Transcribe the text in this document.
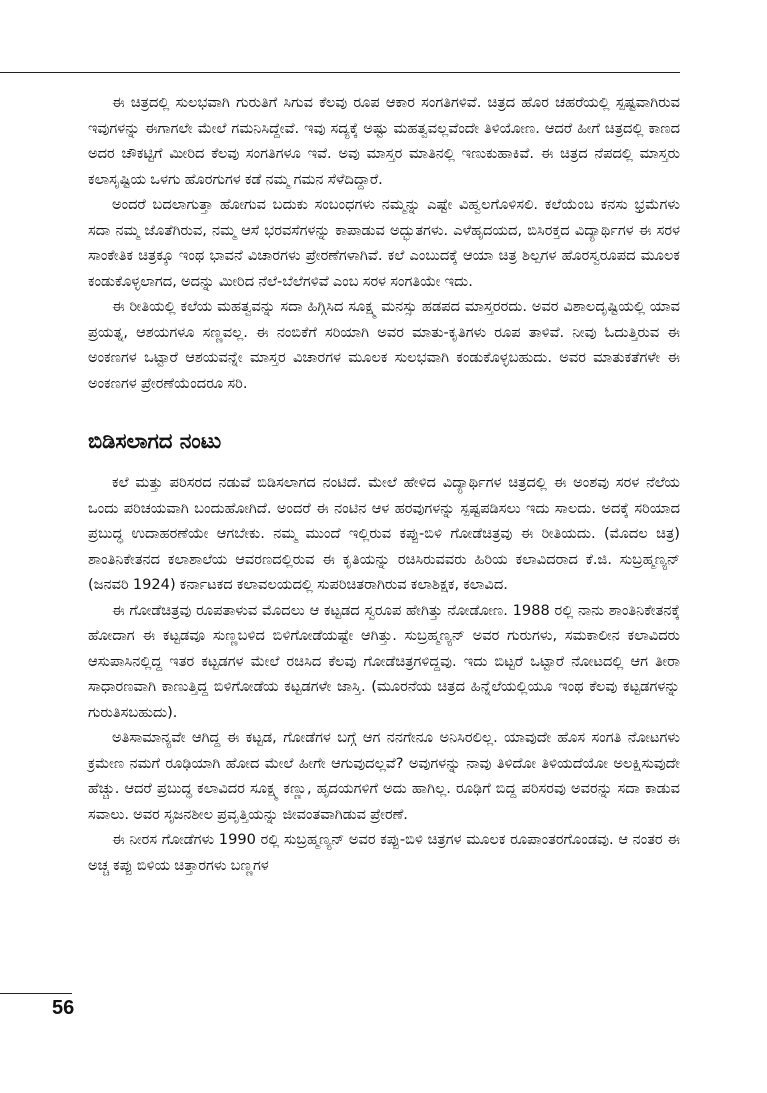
ಈ ಚಿತ್ರದಲ್ಲಿ ಸುಲಭವಾಗಿ ಗುರುತಿಗೆ ಸಿಗುವ ಕೆಲವು ರೂಪ ಆಕಾರ ಸಂಗತಿಗಳಿವೆ. ಚಿತ್ರದ ಹೊರ ಚಹರೆಯಲ್ಲಿ ಸ್ಪಷ್ಟವಾಗಿರುವ ಇವುಗಳನ್ನು ಈಗಾಗಲೇ ಮೇಲೆ ಗಮನಿಸಿದ್ದೇವೆ. ಇವು ಸದ್ಯಕ್ಕೆ ಅಷ್ಟು ಮಹತ್ವವಲ್ಲವೆಂದೇ ತಿಳಿಯೋಣ. ಆದರೆ ಹೀಗೆ ಚಿತ್ರದಲ್ಲಿ ಕಾಣದ ಅದರ ಚೌಕಟ್ಟಿಗೆ ಮೀರಿದ ಕೆಲವು ಸಂಗತಿಗಳೂ ಇವೆ. ಅವು ಮಾಸ್ತರ ಮಾತಿನಲ್ಲಿ ಇಣುಕುಹಾಕಿವೆ. ಈ ಚಿತ್ರದ ನೆಪದಲ್ಲಿ ಮಾಸ್ತರು ಕಲಾಸೃಷ್ಟಿಯ ಒಳಗು ಹೊರಗುಗಳ ಕಡೆ ನಮ್ಮ ಗಮನ ಸೆಳೆದಿದ್ದಾರೆ.

ಅಂದರೆ ಬದಲಾಗುತ್ತಾ ಹೋಗುವ ಬದುಕು ಸಂಬಂಧಗಳು ನಮ್ಮನ್ನು ಎಷ್ಟೇ ವಿಹ್ವಲಗೊಳಿಸಲಿ. ಕಲೆಯೆಂಬ ಕನಸು ಭ್ರಮೆಗಳು ಸದಾ ನಮ್ಮ ಜೊತೆಗಿರುವ, ನಮ್ಮ ಆಸೆ ಭರವಸೆಗಳನ್ನು ಕಾಪಾಡುವ ಅದ್ಭುತಗಳು. ಎಳೆಹೃದಯದ, ಬಿಸಿರಕ್ತದ ವಿದ್ಯಾರ್ಥಿಗಳ ಈ ಸರಳ ಸಾಂಕೇತಿಕ ಚಿತ್ರಕ್ಕೂ ಇಂಥ ಭಾವನೆ ವಿಚಾರಗಳು ಪ್ರೇರಣೆಗಳಾಗಿವೆ. ಕಲೆ ಎಂಬುದಕ್ಕೆ ಆಯಾ ಚಿತ್ರ ಶಿಲ್ಪಗಳ ಹೊರಸ್ವರೂಪದ ಮೂಲಕ ಕಂಡುಕೊಳ್ಳಲಾಗದ, ಅದನ್ನು ಮೀರಿದ ನೆಲೆ-ಬೆಲೆಗಳಿವೆ ಎಂಬ ಸರಳ ಸಂಗತಿಯೇ ಇದು.

ಈ ರೀತಿಯಲ್ಲಿ ಕಲೆಯ ಮಹತ್ವವನ್ನು ಸದಾ ಹಿಗ್ಗಿಸಿದ ಸೂಕ್ಷ್ಮ ಮನಸ್ಸು ಹಡಪದ ಮಾಸ್ತರರದು. ಅವರ ವಿಶಾಲದೃಷ್ಟಿಯಲ್ಲಿ ಯಾವ ಪ್ರಯತ್ನ, ಆಶಯಗಳೂ ಸಣ್ಣವಲ್ಲ. ಈ ನಂಬಿಕೆಗೆ ಸರಿಯಾಗಿ ಅವರ ಮಾತು-ಕೃತಿಗಳು ರೂಪ ತಾಳಿವೆ. ನೀವು ಓದುತ್ತಿರುವ ಈ ಅಂಕಣಗಳ ಒಟ್ಟಾರೆ ಆಶಯವನ್ನೇ ಮಾಸ್ತರ ವಿಚಾರಗಳ ಮೂಲಕ ಸುಲಭವಾಗಿ ಕಂಡುಕೊಳ್ಳಬಹುದು. ಅವರ ಮಾತುಕತೆಗಳೇ ಈ ಅಂಕಣಗಳ ಪ್ರೇರಣೆಯೆಂದರೂ ಸರಿ.

ಬಿಡಿಸಲಾಗದ ನಂಟು

ಕಲೆ ಮತ್ತು ಪರಿಸರದ ನಡುವೆ ಬಿಡಿಸಲಾಗದ ನಂಟಿದೆ. ಮೇಲೆ ಹೇಳಿದ ವಿದ್ಯಾರ್ಥಿಗಳ ಚಿತ್ರದಲ್ಲಿ ಈ ಅಂಶವು ಸರಳ ನೆಲೆಯ ಒಂದು ಪರಿಚಯವಾಗಿ ಬಂದುಹೋಗಿದೆ. ಅಂದರೆ ಈ ನಂಟಿನ ಆಳ ಹರವುಗಳನ್ನು ಸ್ಪಷ್ಟಪಡಿಸಲು ಇದು ಸಾಲದು. ಅದಕ್ಕೆ ಸರಿಯಾದ ಪ್ರಬುದ್ಧ ಉದಾಹರಣೆಯೇ ಆಗಬೇಕು. ನಮ್ಮ ಮುಂದೆ ಇಲ್ಲಿರುವ ಕಪ್ಪು-ಬಿಳಿ ಗೋಡೆಚಿತ್ರವು ಈ ರೀತಿಯದು. (ಮೊದಲ ಚಿತ್ರ) ಶಾಂತಿನಿಕೇತನದ ಕಲಾಶಾಲೆಯ ಆವರಣದಲ್ಲಿರುವ ಈ ಕೃತಿಯನ್ನು ರಚಿಸಿರುವವರು ಹಿರಿಯ ಕಲಾವಿದರಾದ ಕೆ.ಜಿ. ಸುಬ್ರಹ್ಮಣ್ಯನ್ (ಜನವರಿ 1924) ಕರ್ನಾಟಕದ ಕಲಾವಲಯದಲ್ಲಿ ಸುಪರಿಚಿತರಾಗಿರುವ ಕಲಾಶಿಕ್ಷಕ, ಕಲಾವಿದ.

ಈ ಗೋಡೆಚಿತ್ರವು ರೂಪತಾಳುವ ಮೊದಲು ಆ ಕಟ್ಟಡದ ಸ್ವರೂಪ ಹೇಗಿತ್ತು ನೋಡೋಣ. 1988 ರಲ್ಲಿ ನಾನು ಶಾಂತಿನಿಕೇತನಕ್ಕೆ ಹೋದಾಗ ಈ ಕಟ್ಟಡವೂ ಸುಣ್ಣಬಳಿದ ಬಿಳಿಗೋಡೆಯಷ್ಟೇ ಆಗಿತ್ತು. ಸುಬ್ರಹ್ಮಣ್ಯನ್ ಅವರ ಗುರುಗಳು, ಸಮಕಾಲೀನ ಕಲಾವಿದರು ಆಸುಪಾಸಿನಲ್ಲಿದ್ದ ಇತರ ಕಟ್ಟಡಗಳ ಮೇಲೆ ರಚಿಸಿದ ಕೆಲವು ಗೋಡೆಚಿತ್ರಗಳಿದ್ದವು. ಇದು ಬಿಟ್ಟರೆ ಒಟ್ಟಾರೆ ನೋಟದಲ್ಲಿ ಆಗ ತೀರಾ ಸಾಧಾರಣವಾಗಿ ಕಾಣುತ್ತಿದ್ದ ಬಿಳಿಗೋಡೆಯ ಕಟ್ಟಡಗಳೇ ಜಾಸ್ತಿ. (ಮೂರನೆಯ ಚಿತ್ರದ ಹಿನ್ನೆಲೆಯಲ್ಲಿಯೂ ಇಂಥ ಕೆಲವು ಕಟ್ಟಡಗಳನ್ನು ಗುರುತಿಸಬಹುದು).

ಅತಿಸಾಮಾನ್ಯವೇ ಆಗಿದ್ದ ಈ ಕಟ್ಟಡ, ಗೋಡೆಗಳ ಬಗ್ಗೆ ಆಗ ನನಗೇನೂ ಅನಿಸಿರಲಿಲ್ಲ. ಯಾವುದೇ ಹೊಸ ಸಂಗತಿ ನೋಟಗಳು ಕ್ರಮೇಣ ನಮಗೆ ರೂಢಿಯಾಗಿ ಹೋದ ಮೇಲೆ ಹೀಗೇ ಆಗುವುದಲ್ಲವೆ? ಅವುಗಳನ್ನು ನಾವು ತಿಳಿದೋ ತಿಳಿಯದೆಯೋ ಅಲಕ್ಷಿಸುವುದೇ ಹೆಚ್ಚು. ಆದರೆ ಪ್ರಬುದ್ಧ ಕಲಾವಿದರ ಸೂಕ್ಷ್ಮ ಕಣ್ಣು, ಹೃದಯಗಳಿಗೆ ಅದು ಹಾಗಿಲ್ಲ. ರೂಢಿಗೆ ಬಿದ್ದ ಪರಿಸರವು ಅವರನ್ನು ಸದಾ ಕಾಡುವ ಸವಾಲು. ಅವರ ಸೃಜನಶೀಲ ಪ್ರವೃತ್ತಿಯನ್ನು ಜೀವಂತವಾಗಿಡುವ ಪ್ರೇರಣೆ.

ಈ ನೀರಸ ಗೋಡೆಗಳು 1990 ರಲ್ಲಿ ಸುಬ್ರಹ್ಮಣ್ಯನ್ ಅವರ ಕಪ್ಪು-ಬಿಳಿ ಚಿತ್ರಗಳ ಮೂಲಕ ರೂಪಾಂತರಗೊಂಡವು. ಆ ನಂತರ ಈ ಅಚ್ಚ ಕಪ್ಪು ಬಿಳಿಯ ಚಿತ್ತಾರಗಳು ಬಣ್ಣಗಳ

56
